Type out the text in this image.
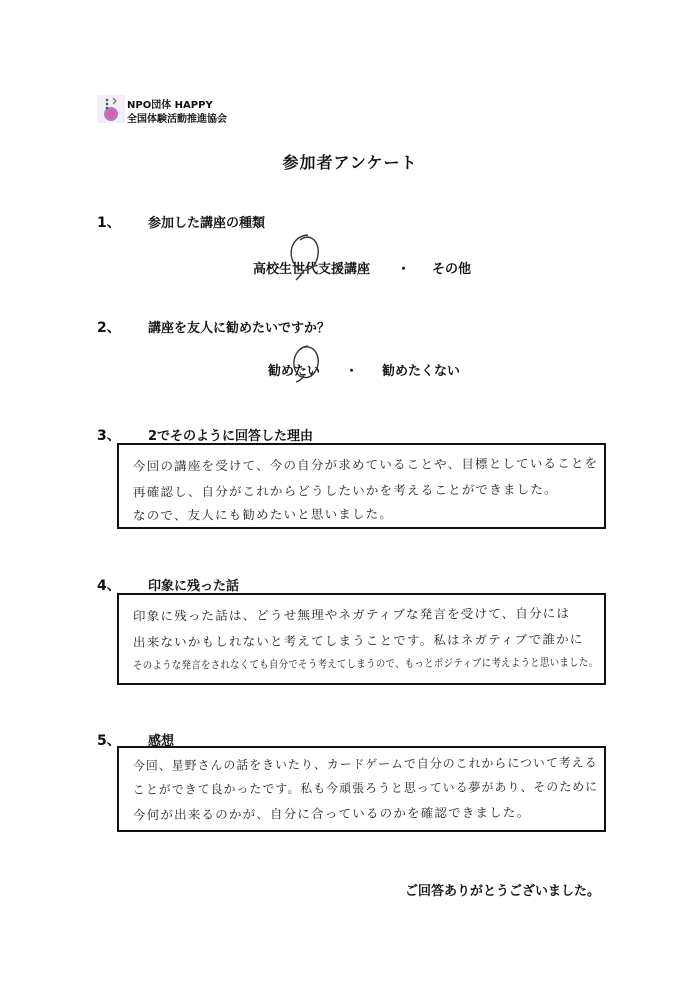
NPO団体 HAPPY
全国体験活動推進協会
参加者アンケート
1、 参加した講座の種類
高校生世代支援講座 ・ その他
2、 講座を友人に勧めたいですか？
勧めたい ・ 勧めたくない
3、 2でそのように回答した理由
今回の講座を受けて、今の自分が求めていることや、目標としていることを
再確認し、自分がこれからどうしたいかを考えることができました。
なので、友人にも勧めたいと思いました。
4、 印象に残った話
印象に残った話は、どうせ無理やネガティブな発言を受けて、自分には
出来ないかもしれないと考えてしまうことです。私はネガティブで誰かに
そのような発言をされなくても自分でそう考えてしまうので、もっとポジティブに考えようと思いました。
5、 感想
今回、星野さんの話をきいたり、カードゲームで自分のこれからについて考える
ことができて良かったです。私も今頑張ろうと思っている夢があり、そのために
今何が出来るのかが、自分に合っているのかを確認できました。
ご回答ありがとうございました。
